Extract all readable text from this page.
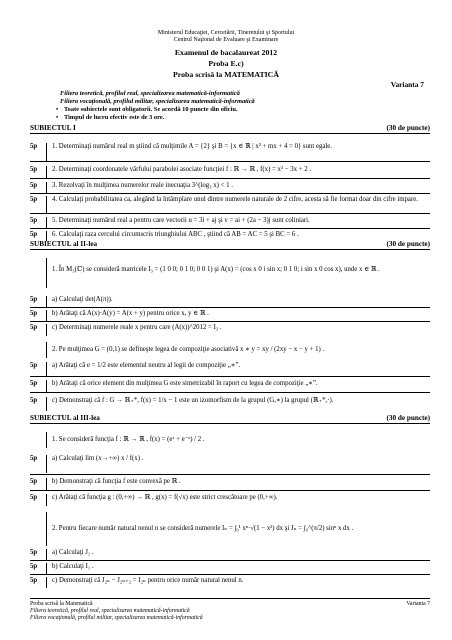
Ministerul Educaţiei, Cercetării, Tineretului şi Sportului
Centrul Naţional de Evaluare şi Examinare
Examenul de bacalaureat 2012
Proba E.c)
Proba scrisă la MATEMATICĂ
Varianta 7
Filiera teoretică, profilul real, specializarea matematică-informatică
Filiera vocaţională, profilul militar, specializarea matematică-informatică
• Toate subiectele sunt obligatorii. Se acordă 10 puncte din oficiu.
• Timpul de lucru efectiv este de 3 ore.
SUBIECTUL I	(30 de puncte)
5p	1. Determinaţi numărul real m ştiind că mulţimile A = {2} şi B = {x ∈ ℝ | x² + mx + 4 = 0} sunt egale.
5p	2. Determinaţi coordonatele vârfului parabolei asociate funcţiei f : ℝ → ℝ , f(x) = x² − 3x + 2 .
5p	3. Rezolvaţi în mulţimea numerelor reale inecuaţia 3^(log₃ x) < 1 .
5p	4. Calculaţi probabilitatea ca, alegând la întâmplare unul dintre numerele naturale de 2 cifre, acesta să fie format doar din cifre impare.
5p	5. Determinaţi numărul real a pentru care vectorii u = 3i + aj şi v = ai + (2a − 3)j sunt coliniari.
5p	6. Calculaţi raza cercului circumscris triunghiului ABC , ştiind că AB = AC = 5 şi BC = 6 .
SUBIECTUL al II-lea	(30 de puncte)
1. În M₃(ℂ) se consideră matricele I₃ = (1 0 0; 0 1 0; 0 0 1) şi A(x) = (cos x 0 i sin x; 0 1 0; i sin x 0 cos x), unde x ∈ ℝ .
5p	a) Calculaţi det(A(π)).
5p	b) Arătaţi că A(x)·A(y) = A(x + y) pentru orice x, y ∈ ℝ .
5p	c) Determinaţi numerele reale x pentru care (A(x))^2012 = I₃ .
2. Pe mulţimea G = (0,1) se defineşte legea de compoziţie asociativă x ∗ y = xy / (2xy − x − y + 1) .
5p	a) Arătaţi că e = 1/2 este elementul neutru al legii de compoziţie „∗”.
5p	b) Arătaţi că orice element din mulţimea G este simetrizabil în raport cu legea de compoziţie „∗”.
5p	c) Demonstraţi că f : G → ℝ₊*, f(x) = 1/x − 1 este un izomorfism de la grupul (G,∗) la grupul (ℝ₊*,·).
SUBIECTUL al III-lea	(30 de puncte)
1. Se consideră funcţia f : ℝ → ℝ , f(x) = (eˣ + e⁻ˣ) / 2 .
5p	a) Calculaţi lim (x→+∞) x / f(x) .
5p	b) Demonstraţi că funcţia f este convexă pe ℝ .
5p	c) Arătaţi că funcţia g : (0,+∞) → ℝ , g(x) = f(√x) este strict crescătoare pe (0,+∞).
2. Pentru fiecare număr natural nenul n se consideră numerele Iₙ = ∫₀¹ xⁿ·√(1 − x²) dx şi Jₙ = ∫₀^(π/2) sinⁿ x dx .
5p	a) Calculaţi J₁ .
5p	b) Calculaţi I₁ .
5p	c) Demonstraţi că J₂ₙ − J₂ₙ₊₂ = I₂ₙ pentru orice număr natural nenul n.
Proba scrisă la Matematică	Varianta 7
Filiera teoretică, profilul real, specializarea matematică-informatică
Filiera vocaţională, profilul militar, specializarea matematică-informatică
